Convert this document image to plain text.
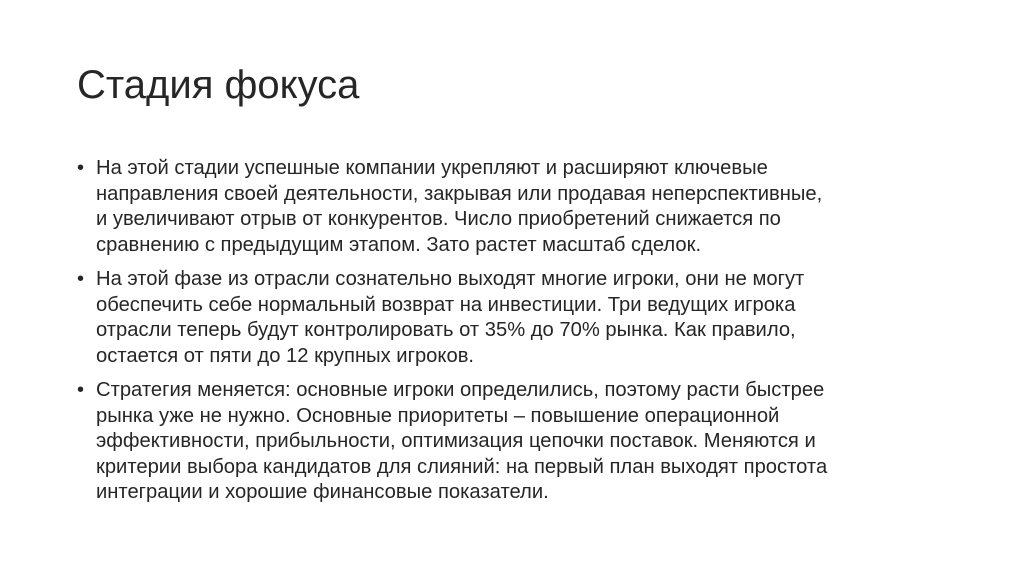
Стадия фокуса
• На этой стадии успешные компании укрепляют и расширяют ключевые
направления своей деятельности, закрывая или продавая неперспективные,
и увеличивают отрыв от конкурентов. Число приобретений снижается по
сравнению с предыдущим этапом. Зато растет масштаб сделок.
• На этой фазе из отрасли сознательно выходят многие игроки, они не могут
обеспечить себе нормальный возврат на инвестиции. Три ведущих игрока
отрасли теперь будут контролировать от 35% до 70% рынка. Как правило,
остается от пяти до 12 крупных игроков.
• Стратегия меняется: основные игроки определились, поэтому расти быстрее
рынка уже не нужно. Основные приоритеты – повышение операционной
эффективности, прибыльности, оптимизация цепочки поставок. Меняются и
критерии выбора кандидатов для слияний: на первый план выходят простота
интеграции и хорошие финансовые показатели.
